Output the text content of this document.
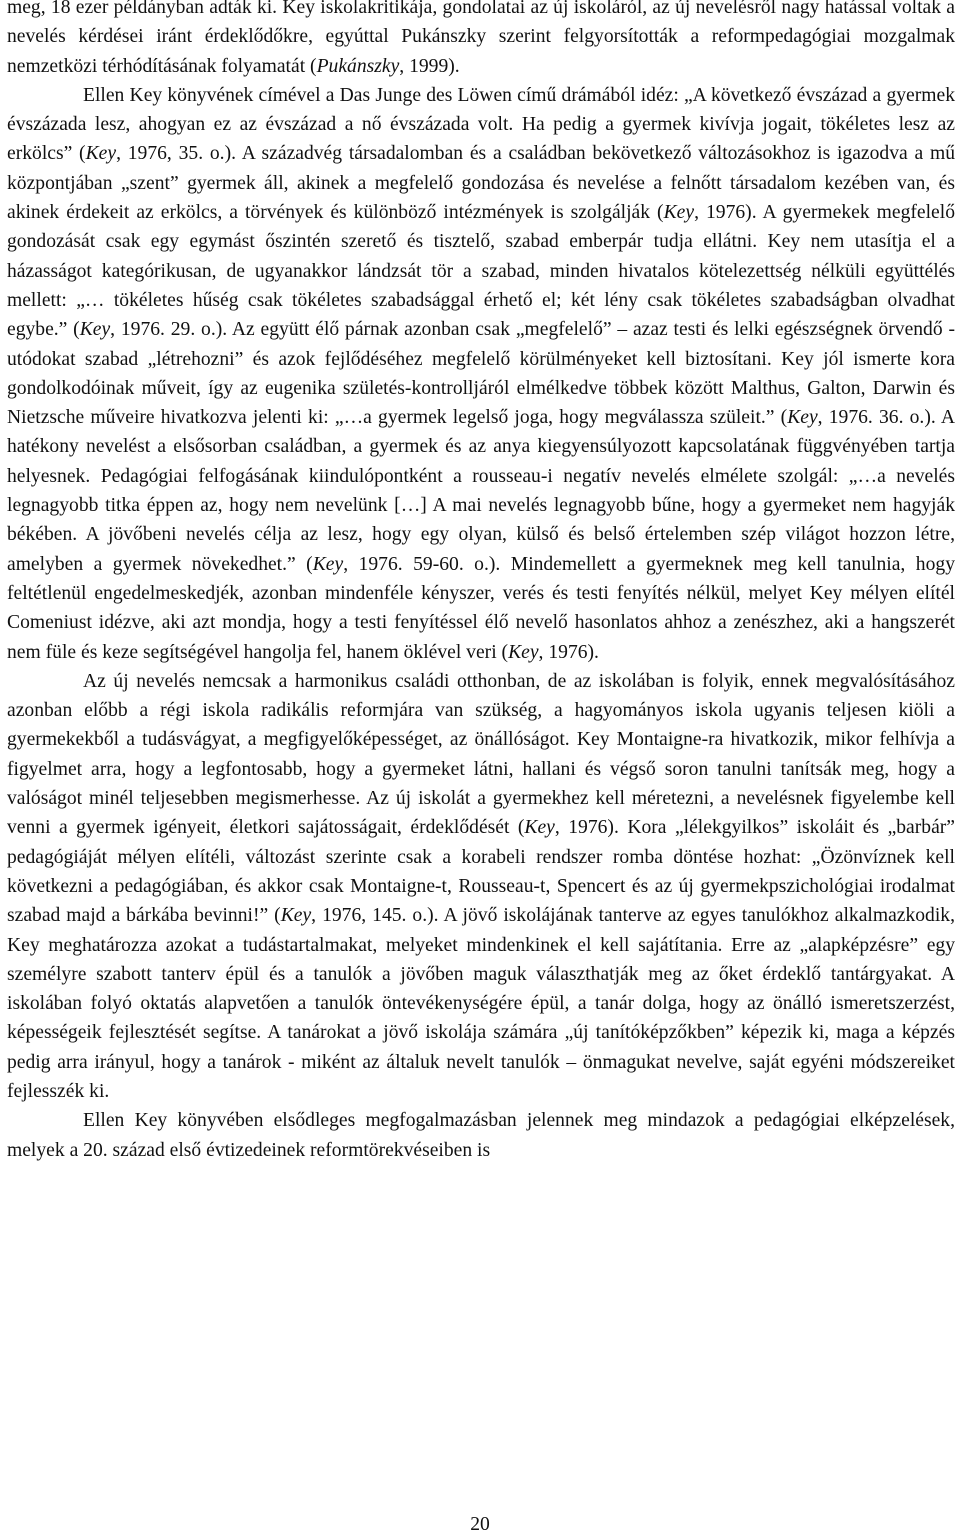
meg, 18 ezer példányban adták ki. Key iskolakritikája, gondolatai az új iskoláról, az új nevelésről nagy hatással voltak a nevelés kérdései iránt érdeklődőkre, egyúttal Pukánszky szerint felgyorsították a reformpedagógiai mozgalmak nemzetközi térhódításának folyamatát (Pukánszky, 1999).

Ellen Key könyvének címével a Das Junge des Löwen című drámából idéz: „A következő évszázad a gyermek évszázada lesz, ahogyan ez az évszázad a nő évszázada volt. Ha pedig a gyermek kivívja jogait, tökéletes lesz az erkölcs” (Key, 1976, 35. o.). A századvég társadalomban és a családban bekövetkező változásokhoz is igazodva a mű központjában „szent” gyermek áll, akinek a megfelelő gondozása és nevelése a felnőtt társadalom kezében van, és akinek érdekeit az erkölcs, a törvények és különböző intézmények is szolgálják (Key, 1976). A gyermekek megfelelő gondozását csak egy egymást őszintén szerető és tisztelő, szabad emberpár tudja ellátni. Key nem utasítja el a házasságot kategórikusan, de ugyanakkor lándzsát tör a szabad, minden hivatalos kötelezettség nélküli együttélés mellett: „… tökéletes hűség csak tökéletes szabadsággal érhető el; két lény csak tökéletes szabadságban olvadhat egybe.” (Key, 1976. 29. o.). Az együtt élő párnak azonban csak „megfelelő” – azaz testi és lelki egészségnek örvendő - utódokat szabad „létrehozni” és azok fejlődéséhez megfelelő körülményeket kell biztosítani. Key jól ismerte kora gondolkodóinak műveit, így az eugenika születés-kontrolljáról elmélkedve többek között Malthus, Galton, Darwin és Nietzsche műveire hivatkozva jelenti ki: „…a gyermek legelső joga, hogy megválassza szüleit.” (Key, 1976. 36. o.). A hatékony nevelést a elsősorban családban, a gyermek és az anya kiegyensúlyozott kapcsolatának függvényében tartja helyesnek. Pedagógiai felfogásának kiindulópontként a rousseau-i negatív nevelés elmélete szolgál: „…a nevelés legnagyobb titka éppen az, hogy nem nevelünk […] A mai nevelés legnagyobb bűne, hogy a gyermeket nem hagyják békében. A jövőbeni nevelés célja az lesz, hogy egy olyan, külső és belső értelemben szép világot hozzon létre, amelyben a gyermek növekedhet.” (Key, 1976. 59-60. o.). Mindemellett a gyermeknek meg kell tanulnia, hogy feltétlenül engedelmeskedjék, azonban mindenféle kényszer, verés és testi fenyítés nélkül, melyet Key mélyen elítél Comeniust idézve, aki azt mondja, hogy a testi fenyítéssel élő nevelő hasonlatos ahhoz a zenészhez, aki a hangszerét nem füle és keze segítségével hangolja fel, hanem öklével veri (Key, 1976).

Az új nevelés nemcsak a harmonikus családi otthonban, de az iskolában is folyik, ennek megvalósításához azonban előbb a régi iskola radikális reformjára van szükség, a hagyományos iskola ugyanis teljesen kiöli a gyermekekből a tudásvágyat, a megfigyelőképességet, az önállóságot. Key Montaigne-ra hivatkozik, mikor felhívja a figyelmet arra, hogy a legfontosabb, hogy a gyermeket látni, hallani és végső soron tanulni tanítsák meg, hogy a valóságot minél teljesebben megismerhesse. Az új iskolát a gyermekhez kell méretezni, a nevelésnek figyelembe kell venni a gyermek igényeit, életkori sajátosságait, érdeklődését (Key, 1976). Kora „lélekgyilkos” iskoláit és „barbár” pedagógiáját mélyen elítéli, változást szerinte csak a korabeli rendszer romba döntése hozhat: „Özönvíznek kell következni a pedagógiában, és akkor csak Montaigne-t, Rousseau-t, Spencert és az új gyermekpszichológiai irodalmat szabad majd a bárkába bevinni!” (Key, 1976, 145. o.). A jövő iskolájának tanterve az egyes tanulókhoz alkalmazkodik, Key meghatározza azokat a tudástartalmakat, melyeket mindenkinek el kell sajátítania. Erre az „alapképzésre” egy személyre szabott tanterv épül és a tanulók a jövőben maguk választhatják meg az őket érdeklő tantárgyakat. A iskolában folyó oktatás alapvetően a tanulók öntevékenységére épül, a tanár dolga, hogy az önálló ismeretszerzést, képességeik fejlesztését segítse. A tanárokat a jövő iskolája számára „új tanítóképzőkben” képezik ki, maga a képzés pedig arra irányul, hogy a tanárok - miként az általuk nevelt tanulók – önmagukat nevelve, saját egyéni módszereiket fejlesszék ki.

Ellen Key könyvében elsődleges megfogalmazásban jelennek meg mindazok a pedagógiai elképzelések, melyek a 20. század első évtizedeinek reformtörekvéseiben is

20
